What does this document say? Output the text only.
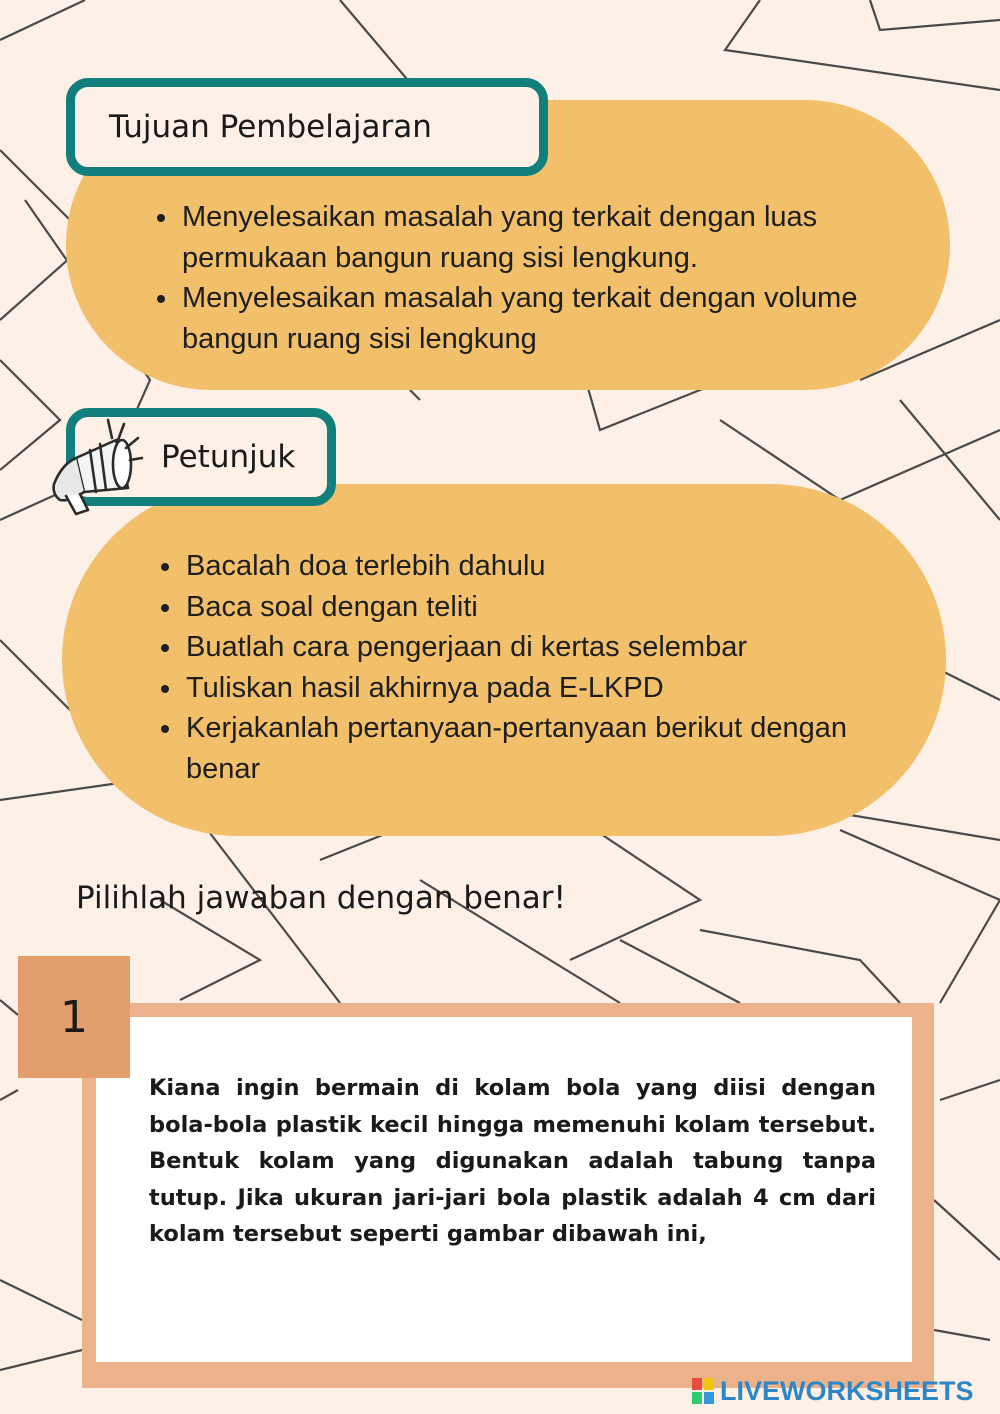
Tujuan Pembelajaran
• Menyelesaikan masalah yang terkait dengan luas permukaan bangun ruang sisi lengkung.
• Menyelesaikan masalah yang terkait dengan volume bangun ruang sisi lengkung
Petunjuk
• Bacalah doa terlebih dahulu
• Baca soal dengan teliti
• Buatlah cara pengerjaan di kertas selembar
• Tuliskan hasil akhirnya pada E-LKPD
• Kerjakanlah pertanyaan-pertanyaan berikut dengan benar
Pilihlah jawaban dengan benar!
1

Kiana ingin bermain di kolam bola yang diisi dengan bola-bola plastik kecil hingga memenuhi kolam tersebut. Bentuk kolam yang digunakan adalah tabung tanpa tutup. Jika ukuran jari-jari bola plastik adalah 4 cm dari kolam tersebut seperti gambar dibawah ini,

LIVEWORKSHEETS
